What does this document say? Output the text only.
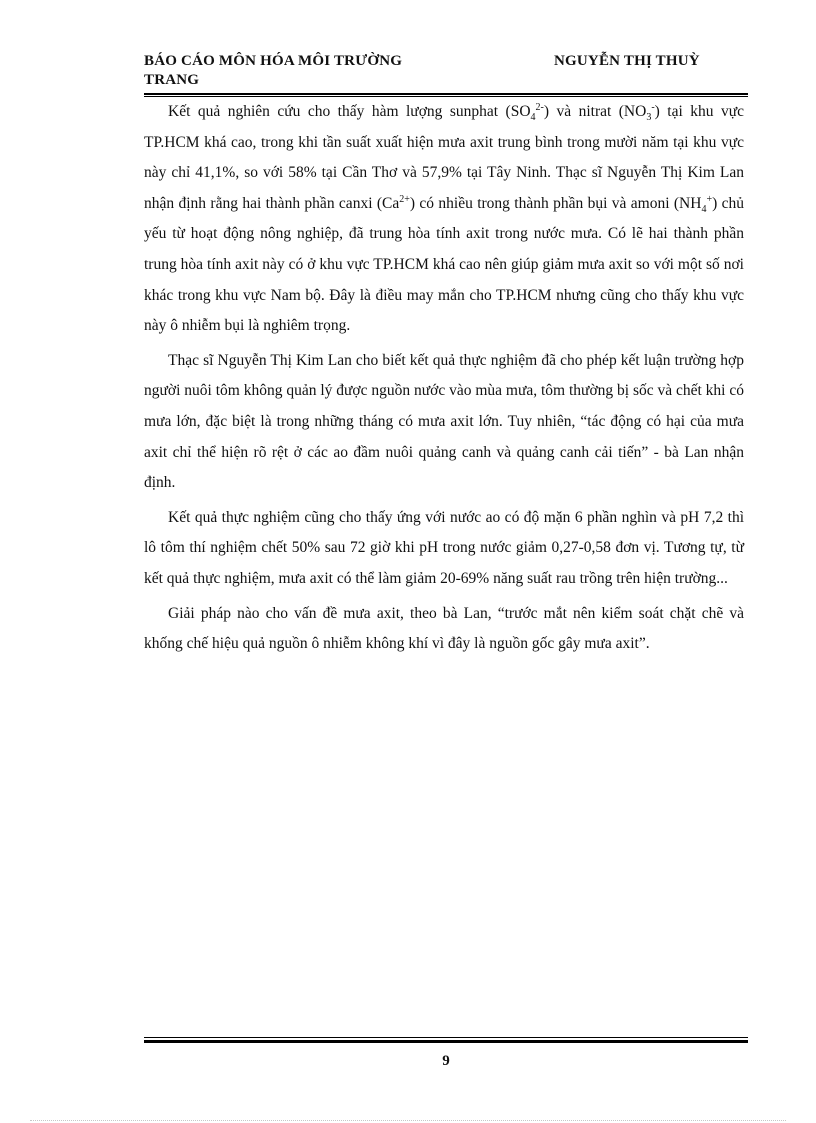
BÁO CÁO MÔN HÓA MÔI TRƯỜNG TRANG
NGUYỄN THỊ THUỲ

Kết quả nghiên cứu cho thấy hàm lượng sunphat $(SO_4^{2-})$ và nitrat $(NO_3^-)$ tại khu vực TP.HCM khá cao, trong khi tần suất xuất hiện mưa axit trung bình trong mười năm tại khu vực này chỉ 41,1%, so với 58% tại Cần Thơ và 57,9% tại Tây Ninh. Thạc sĩ Nguyễn Thị Kim Lan nhận định rằng hai thành phần canxi $(Ca^{2+})$ có nhiều trong thành phần bụi và amoni $(NH_4^+)$ chủ yếu từ hoạt động nông nghiệp, đã trung hòa tính axit trong nước mưa. Có lẽ hai thành phần trung hòa tính axit này có ở khu vực TP.HCM khá cao nên giúp giảm mưa axit so với một số nơi khác trong khu vực Nam bộ. Đây là điều may mắn cho TP.HCM nhưng cũng cho thấy khu vực này ô nhiễm bụi là nghiêm trọng.

Thạc sĩ Nguyễn Thị Kim Lan cho biết kết quả thực nghiệm đã cho phép kết luận trường hợp người nuôi tôm không quản lý được nguồn nước vào mùa mưa, tôm thường bị sốc và chết khi có mưa lớn, đặc biệt là trong những tháng có mưa axit lớn. Tuy nhiên, “tác động có hại của mưa axit chỉ thể hiện rõ rệt ở các ao đầm nuôi quảng canh và quảng canh cải tiến” - bà Lan nhận định.

Kết quả thực nghiệm cũng cho thấy ứng với nước ao có độ mặn 6 phần nghìn và pH 7,2 thì lô tôm thí nghiệm chết 50% sau 72 giờ khi pH trong nước giảm 0,27-0,58 đơn vị. Tương tự, từ kết quả thực nghiệm, mưa axit có thể làm giảm 20-69% năng suất rau trồng trên hiện trường...

Giải pháp nào cho vấn đề mưa axit, theo bà Lan, “trước mắt nên kiểm soát chặt chẽ và khống chế hiệu quả nguồn ô nhiễm không khí vì đây là nguồn gốc gây mưa axit”.

9
